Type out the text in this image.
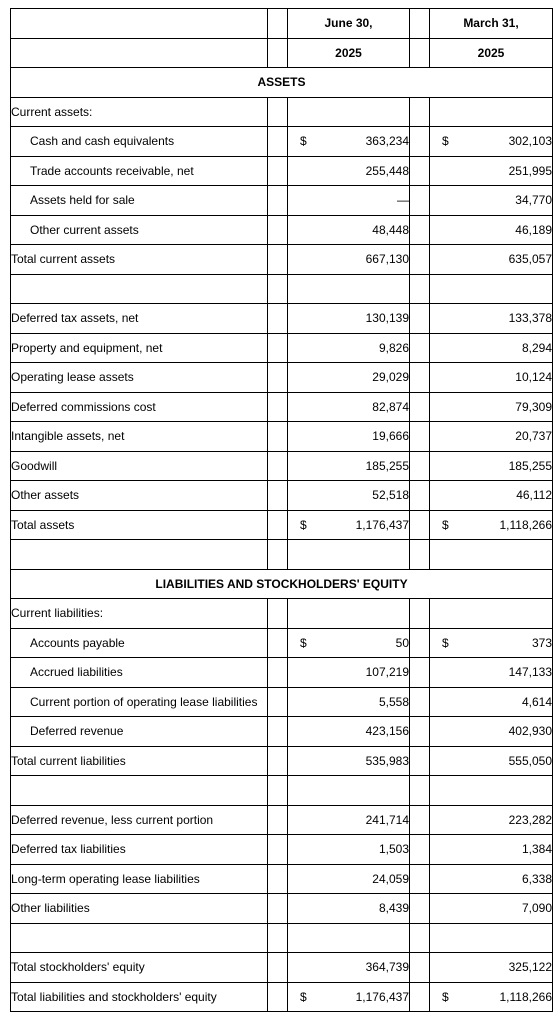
		June 30,		March 31,
		2025		2025
ASSETS				
Current assets:				
Cash and cash equivalents		$ 363,234		$ 302,103

Trade accounts receivable, net		255,448		251,995

Assets held for sale		—		34,770

Other current assets		48,448		46,189

Total current assets		667,130		635,057

Deferred tax assets, net		130,139		133,378

Property and equipment, net		9,826		8,294

Operating lease assets		29,029		10,124

Deferred commissions cost		82,874		79,309

Intangible assets, net		19,666		20,737

Goodwill		185,255		185,255

Other assets		52,518		46,112

Total assets		$ 1,176,437		$ 1,118,266

LIABILITIES AND STOCKHOLDERS' EQUITY				
Current liabilities:				
Accounts payable		$ 50		$ 373

Accrued liabilities		107,219		147,133

Current portion of operating lease liabilities		5,558		4,614

Deferred revenue		423,156		402,930

Total current liabilities		535,983		555,050

Deferred revenue, less current portion		241,714		223,282

Deferred tax liabilities		1,503		1,384

Long-term operating lease liabilities		24,059		6,338

Other liabilities		8,439		7,090

Total stockholders' equity		364,739		325,122

Total liabilities and stockholders' equity		$ 1,176,437		$ 1,118,266
